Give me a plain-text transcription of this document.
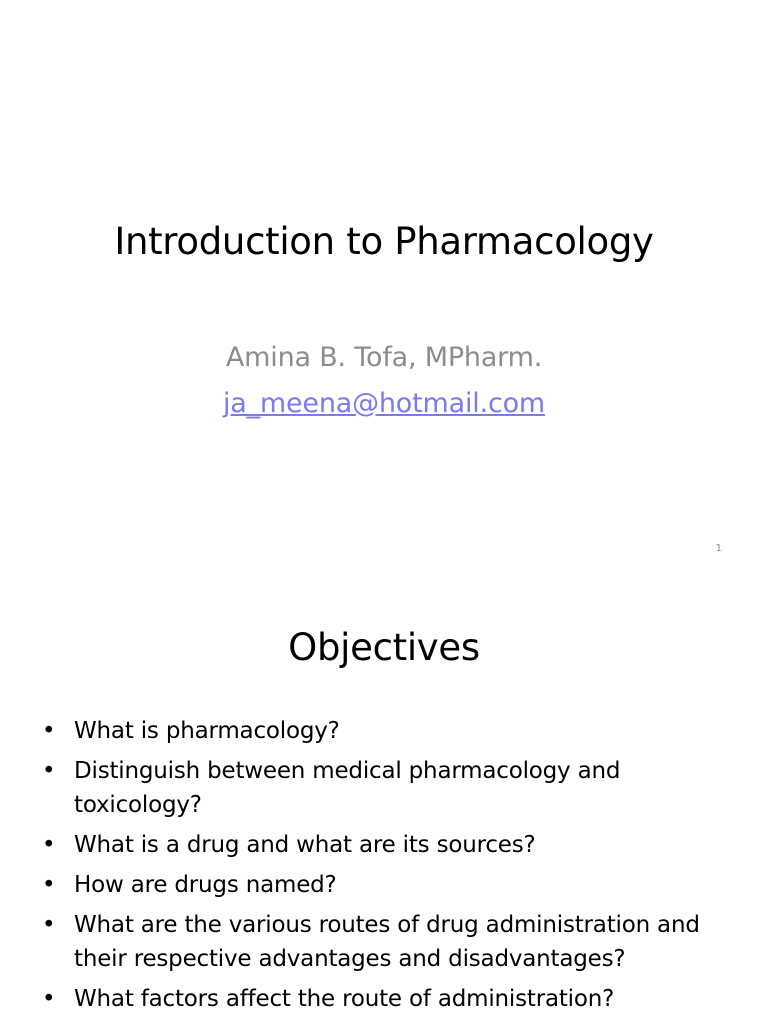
Introduction to Pharmacology
Amina B. Tofa, MPharm.
ja_meena@hotmail.com
1
Objectives
• What is pharmacology?
• Distinguish between medical pharmacology and toxicology?
• What is a drug and what are its sources?
• How are drugs named?
• What are the various routes of drug administration and their respective advantages and disadvantages?
• What factors affect the route of administration?
